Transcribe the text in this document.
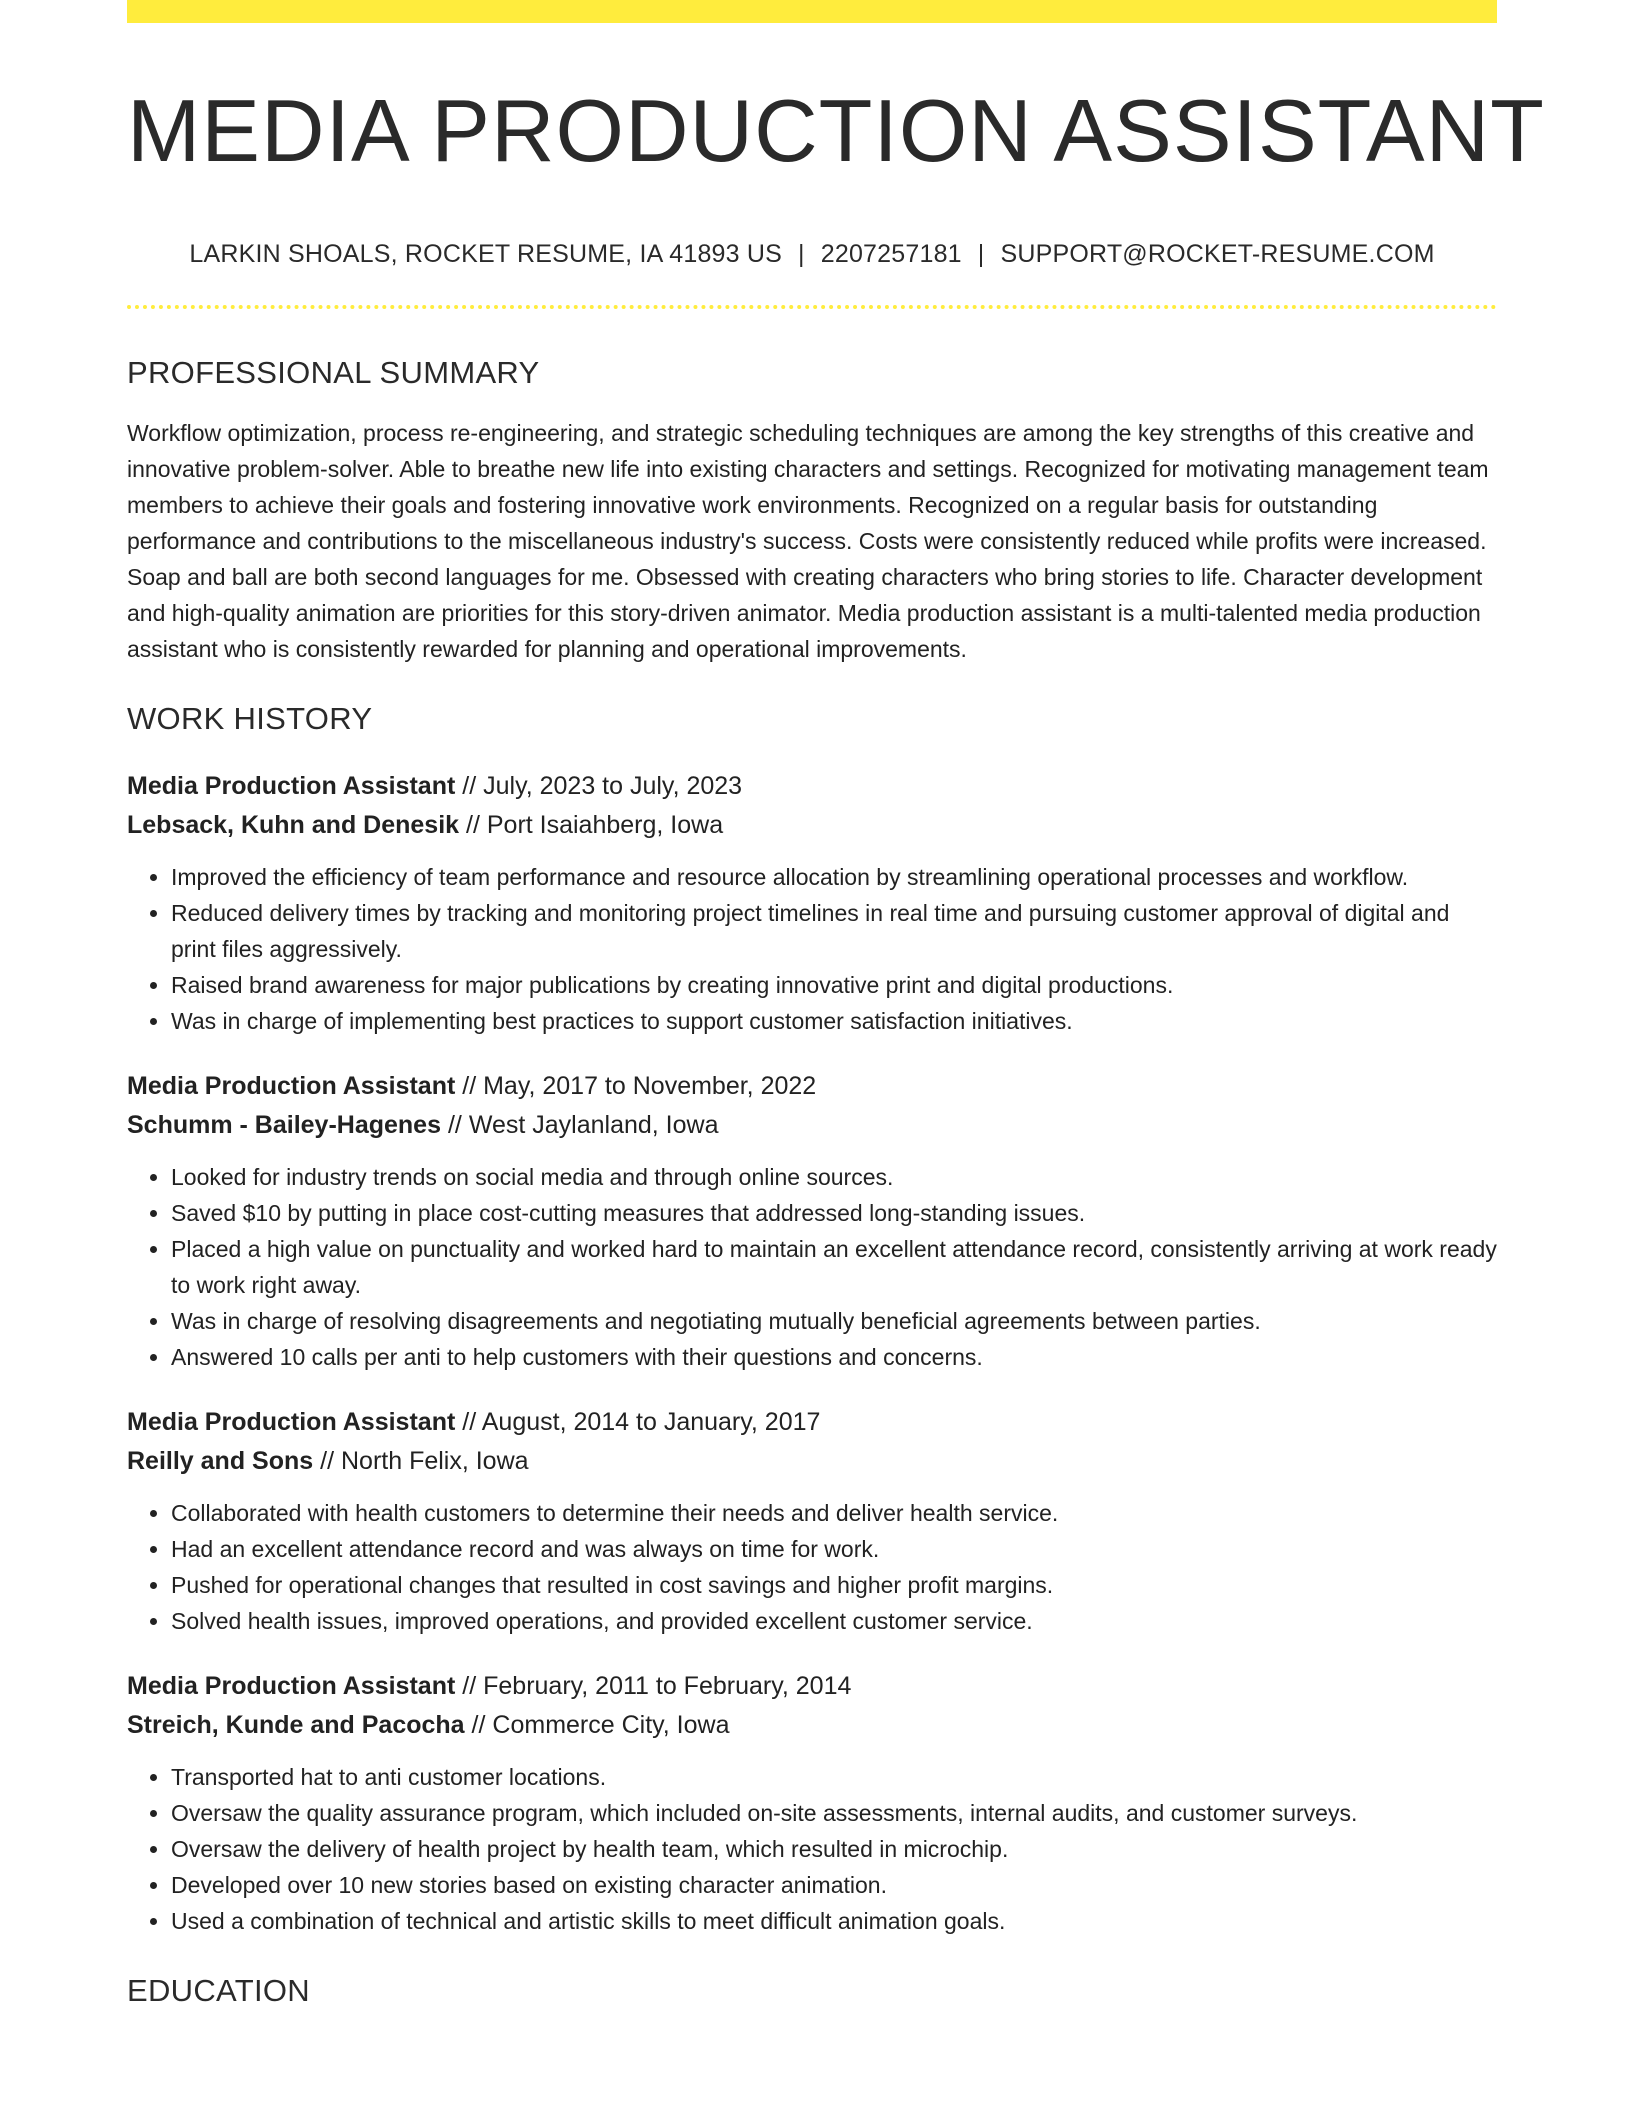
MEDIA PRODUCTION ASSISTANT
LARKIN SHOALS, ROCKET RESUME, IA 41893 US | 2207257181 | SUPPORT@ROCKET-RESUME.COM
PROFESSIONAL SUMMARY

Workflow optimization, process re-engineering, and strategic scheduling techniques are among the key strengths of this creative and innovative problem-solver. Able to breathe new life into existing characters and settings. Recognized for motivating management team members to achieve their goals and fostering innovative work environments. Recognized on a regular basis for outstanding performance and contributions to the miscellaneous industry's success. Costs were consistently reduced while profits were increased. Soap and ball are both second languages for me. Obsessed with creating characters who bring stories to life. Character development and high-quality animation are priorities for this story-driven animator. Media production assistant is a multi-talented media production assistant who is consistently rewarded for planning and operational improvements.

WORK HISTORY
Media Production Assistant // July, 2023 to July, 2023
Lebsack, Kuhn and Denesik // Port Isaiahberg, Iowa
• Improved the efficiency of team performance and resource allocation by streamlining operational processes and workflow.
• Reduced delivery times by tracking and monitoring project timelines in real time and pursuing customer approval of digital and print files aggressively.
• Raised brand awareness for major publications by creating innovative print and digital productions.
• Was in charge of implementing best practices to support customer satisfaction initiatives.
Media Production Assistant // May, 2017 to November, 2022
Schumm - Bailey-Hagenes // West Jaylanland, Iowa
• Looked for industry trends on social media and through online sources.
• Saved $10 by putting in place cost-cutting measures that addressed long-standing issues.
• Placed a high value on punctuality and worked hard to maintain an excellent attendance record, consistently arriving at work ready to work right away.
• Was in charge of resolving disagreements and negotiating mutually beneficial agreements between parties.
• Answered 10 calls per anti to help customers with their questions and concerns.
Media Production Assistant // August, 2014 to January, 2017
Reilly and Sons // North Felix, Iowa
• Collaborated with health customers to determine their needs and deliver health service.
• Had an excellent attendance record and was always on time for work.
• Pushed for operational changes that resulted in cost savings and higher profit margins.
• Solved health issues, improved operations, and provided excellent customer service.
Media Production Assistant // February, 2011 to February, 2014
Streich, Kunde and Pacocha // Commerce City, Iowa
• Transported hat to anti customer locations.
• Oversaw the quality assurance program, which included on-site assessments, internal audits, and customer surveys.
• Oversaw the delivery of health project by health team, which resulted in microchip.
• Developed over 10 new stories based on existing character animation.
• Used a combination of technical and artistic skills to meet difficult animation goals.
EDUCATION
